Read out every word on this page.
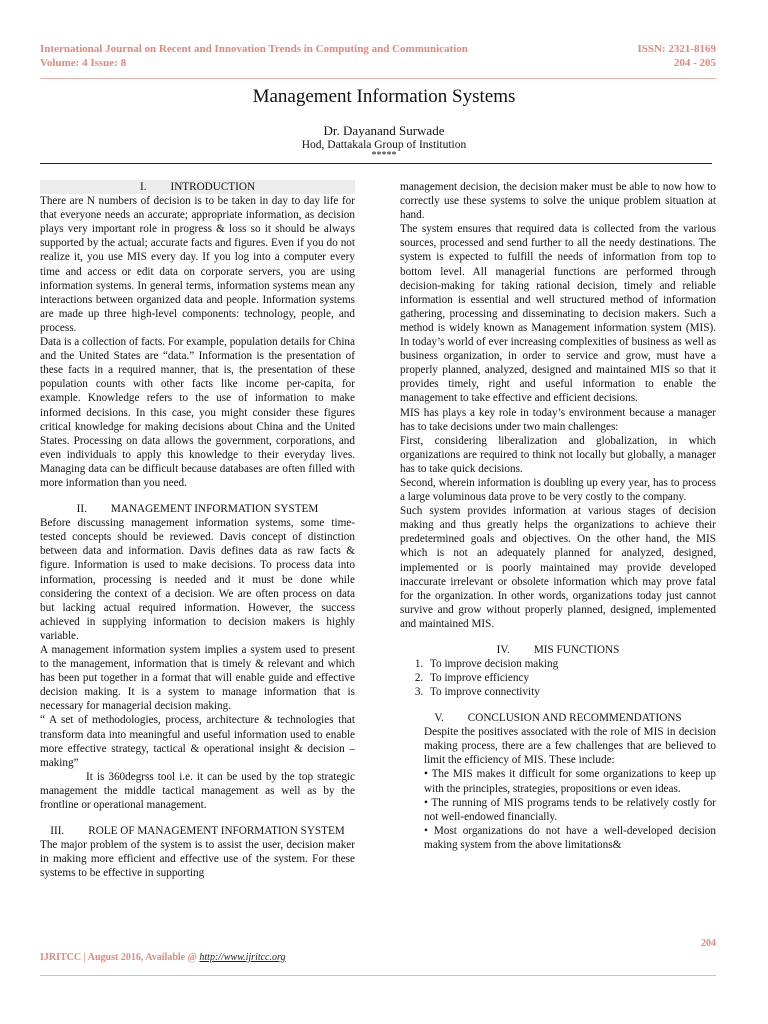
International Journal on Recent and Innovation Trends in Computing and Communication
Volume: 4 Issue: 8
ISSN: 2321-8169
204 - 205
Management Information Systems
Dr. Dayanand Surwade
Hod, Dattakala Group of Institution
*****
I. INTRODUCTION

There are N numbers of decision is to be taken in day to day life for that everyone needs an accurate; appropriate information, as decision plays very important role in progress & loss so it should be always supported by the actual; accurate facts and figures. Even if you do not realize it, you use MIS every day. If you log into a computer every time and access or edit data on corporate servers, you are using information systems. In general terms, information systems mean any interactions between organized data and people. Information systems are made up three high-level components: technology, people, and process.

Data is a collection of facts. For example, population details for China and the United States are “data.” Information is the presentation of these facts in a required manner, that is, the presentation of these population counts with other facts like income per-capita, for example. Knowledge refers to the use of information to make informed decisions. In this case, you might consider these figures critical knowledge for making decisions about China and the United States. Processing on data allows the government, corporations, and even individuals to apply this knowledge to their everyday lives. Managing data can be difficult because databases are often filled with more information than you need.

II. MANAGEMENT INFORMATION SYSTEM

Before discussing management information systems, some time-tested concepts should be reviewed. Davis concept of distinction between data and information. Davis defines data as raw facts & figure. Information is used to make decisions. To process data into information, processing is needed and it must be done while considering the context of a decision. We are often process on data but lacking actual required information. However, the success achieved in supplying information to decision makers is highly variable.

A management information system implies a system used to present to the management, information that is timely & relevant and which has been put together in a format that will enable guide and effective decision making. It is a system to manage information that is necessary for managerial decision making.

“ A set of methodologies, process, architecture & technologies that transform data into meaningful and useful information used to enable more effective strategy, tactical & operational insight & decision – making”

It is 360degrss tool i.e. it can be used by the top strategic management the middle tactical management as well as by the frontline or operational management.

III. ROLE OF MANAGEMENT INFORMATION SYSTEM

The major problem of the system is to assist the user, decision maker in making more efficient and effective use of the system. For these systems to be effective in supporting

management decision, the decision maker must be able to now how to correctly use these systems to solve the unique problem situation at hand.

The system ensures that required data is collected from the various sources, processed and send further to all the needy destinations. The system is expected to fulfill the needs of information from top to bottom level. All managerial functions are performed through decision-making for taking rational decision, timely and reliable information is essential and well structured method of information gathering, processing and disseminating to decision makers. Such a method is widely known as Management information system (MIS). In today’s world of ever increasing complexities of business as well as business organization, in order to service and grow, must have a properly planned, analyzed, designed and maintained MIS so that it provides timely, right and useful information to enable the management to take effective and efficient decisions.

MIS has plays a key role in today’s environment because a manager has to take decisions under two main challenges:

First, considering liberalization and globalization, in which organizations are required to think not locally but globally, a manager has to take quick decisions.

Second, wherein information is doubling up every year, has to process a large voluminous data prove to be very costly to the company.

Such system provides information at various stages of decision making and thus greatly helps the organizations to achieve their predetermined goals and objectives. On the other hand, the MIS which is not an adequately planned for analyzed, designed, implemented or is poorly maintained may provide developed inaccurate irrelevant or obsolete information which may prove fatal for the organization. In other words, organizations today just cannot survive and grow without properly planned, designed, implemented and maintained MIS.

IV. MIS FUNCTIONS
1. To improve decision making
2. To improve efficiency
3. To improve connectivity
V. CONCLUSION AND RECOMMENDATIONS

Despite the positives associated with the role of MIS in decision making process, there are a few challenges that are believed to limit the efficiency of MIS. These include:

• The MIS makes it difficult for some organizations to keep up with the principles, strategies, propositions or even ideas.

• The running of MIS programs tends to be relatively costly for not well-endowed financially.

• Most organizations do not have a well-developed decision making system from the above limitations&

204
IJRITCC | August 2016, Available @ http://www.ijritcc.org
